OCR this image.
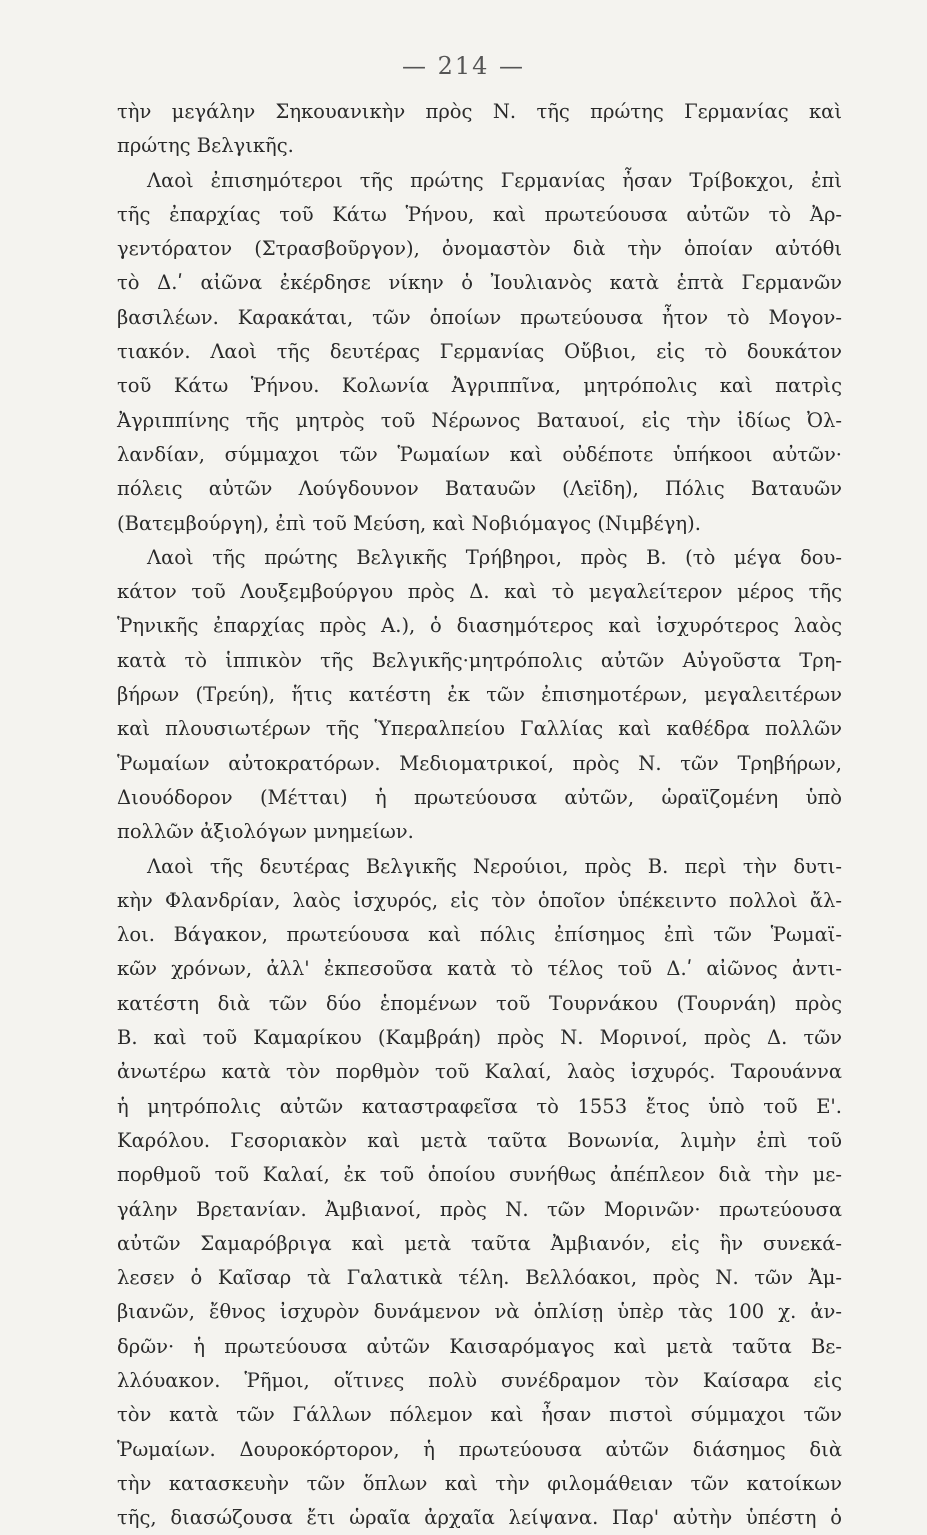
— 214 —
τὴν μεγάλην Σηκουανικὴν πρὸς Ν. τῆς πρώτης Γερμανίας καὶ
πρώτης Βελγικῆς.
Λαοὶ ἐπισημότεροι τῆς πρώτης Γερμανίας ἦσαν Τρίβοκχοι, ἐπὶ
τῆς ἐπαρχίας τοῦ Κάτω Ῥήνου, καὶ πρωτεύουσα αὐτῶν τὸ Ἀρ-
γεντόρατον (Στρασβοῦργον), ὀνομαστὸν διὰ τὴν ὁποίαν αὐτόθι
τὸ Δ.ʹ αἰῶνα ἐκέρδησε νίκην ὁ Ἰουλιανὸς κατὰ ἑπτὰ Γερμανῶν
βασιλέων. Καρακάται, τῶν ὁποίων πρωτεύουσα ἦτον τὸ Μογον-
τιακόν. Λαοὶ τῆς δευτέρας Γερμανίας Οὔβιοι, εἰς τὸ δουκάτον
τοῦ Κάτω Ῥήνου. Κολωνία Ἀγριππῖνα, μητρόπολις καὶ πατρὶς
Ἀγριππίνης τῆς μητρὸς τοῦ Νέρωνος Βαταυοί, εἰς τὴν ἰδίως Ὀλ-
λανδίαν, σύμμαχοι τῶν Ῥωμαίων καὶ οὐδέποτε ὑπήκοοι αὐτῶν·
πόλεις αὐτῶν Λούγδουνον Βαταυῶν (Λεϊδη), Πόλις Βαταυῶν
(Βατεμβούργη), ἐπὶ τοῦ Μεύση, καὶ Νοβιόμαγος (Νιμβέγη).
Λαοὶ τῆς πρώτης Βελγικῆς Τρήβηροι, πρὸς Β. (τὸ μέγα δου-
κάτον τοῦ Λουξεμβούργου πρὸς Δ. καὶ τὸ μεγαλείτερον μέρος τῆς
Ῥηνικῆς ἐπαρχίας πρὸς Α.), ὁ διασημότερος καὶ ἰσχυρότερος λαὸς
κατὰ τὸ ἱππικὸν τῆς Βελγικῆς·μητρόπολις αὐτῶν Αὐγοῦστα Τρη-
βήρων (Τρεύη), ἥτις κατέστη ἐκ τῶν ἐπισημοτέρων, μεγαλειτέρων
καὶ πλουσιωτέρων τῆς Ὑπεραλπείου Γαλλίας καὶ καθέδρα πολλῶν
Ῥωμαίων αὐτοκρατόρων. Μεδιοματρικοί, πρὸς Ν. τῶν Τρηβήρων,
Διουόδορον (Μέτται) ἡ πρωτεύουσα αὐτῶν, ὡραϊζομένη ὑπὸ
πολλῶν ἀξιολόγων μνημείων.
Λαοὶ τῆς δευτέρας Βελγικῆς Νερούιοι, πρὸς Β. περὶ τὴν δυτι-
κὴν Φλανδρίαν, λαὸς ἰσχυρός, εἰς τὸν ὁποῖον ὑπέκειντο πολλοὶ ἄλ-
λοι. Βάγακον, πρωτεύουσα καὶ πόλις ἐπίσημος ἐπὶ τῶν Ῥωμαϊ-
κῶν χρόνων, ἀλλ' ἐκπεσοῦσα κατὰ τὸ τέλος τοῦ Δ.ʹ αἰῶνος ἀντι-
κατέστη διὰ τῶν δύο ἑπομένων τοῦ Τουρνάκου (Τουρνάη) πρὸς
Β. καὶ τοῦ Καμαρίκου (Καμβράη) πρὸς Ν. Μορινοί, πρὸς Δ. τῶν
ἀνωτέρω κατὰ τὸν πορθμὸν τοῦ Καλαί, λαὸς ἰσχυρός. Ταρουάννα
ἡ μητρόπολις αὐτῶν καταστραφεῖσα τὸ 1553 ἔτος ὑπὸ τοῦ Ε'.
Καρόλου. Γεσοριακὸν καὶ μετὰ ταῦτα Βονωνία, λιμὴν ἐπὶ τοῦ
πορθμοῦ τοῦ Καλαί, ἐκ τοῦ ὁποίου συνήθως ἀπέπλεον διὰ τὴν με-
γάλην Βρετανίαν. Ἀμβιανοί, πρὸς Ν. τῶν Μορινῶν· πρωτεύουσα
αὐτῶν Σαμαρόβριγα καὶ μετὰ ταῦτα Ἀμβιανόν, εἰς ἣν συνεκά-
λεσεν ὁ Καῖσαρ τὰ Γαλατικὰ τέλη. Βελλόακοι, πρὸς Ν. τῶν Ἀμ-
βιανῶν, ἔθνος ἰσχυρὸν δυνάμενον νὰ ὁπλίσῃ ὑπὲρ τὰς 100 χ. ἀν-
δρῶν· ἡ πρωτεύουσα αὐτῶν Καισαρόμαγος καὶ μετὰ ταῦτα Βε-
λλόυακον. Ῥῆμοι, οἵτινες πολὺ συνέδραμον τὸν Καίσαρα εἰς
τὸν κατὰ τῶν Γάλλων πόλεμον καὶ ἦσαν πιστοὶ σύμμαχοι τῶν
Ῥωμαίων. Δουροκόρτορον, ἡ πρωτεύουσα αὐτῶν διάσημος διὰ
τὴν κατασκευὴν τῶν ὅπλων καὶ τὴν φιλομάθειαν τῶν κατοίκων
τῆς, διασώζουσα ἔτι ὡραῖα ἀρχαῖα λείψανα. Παρ' αὐτὴν ὑπέστη ὁ
